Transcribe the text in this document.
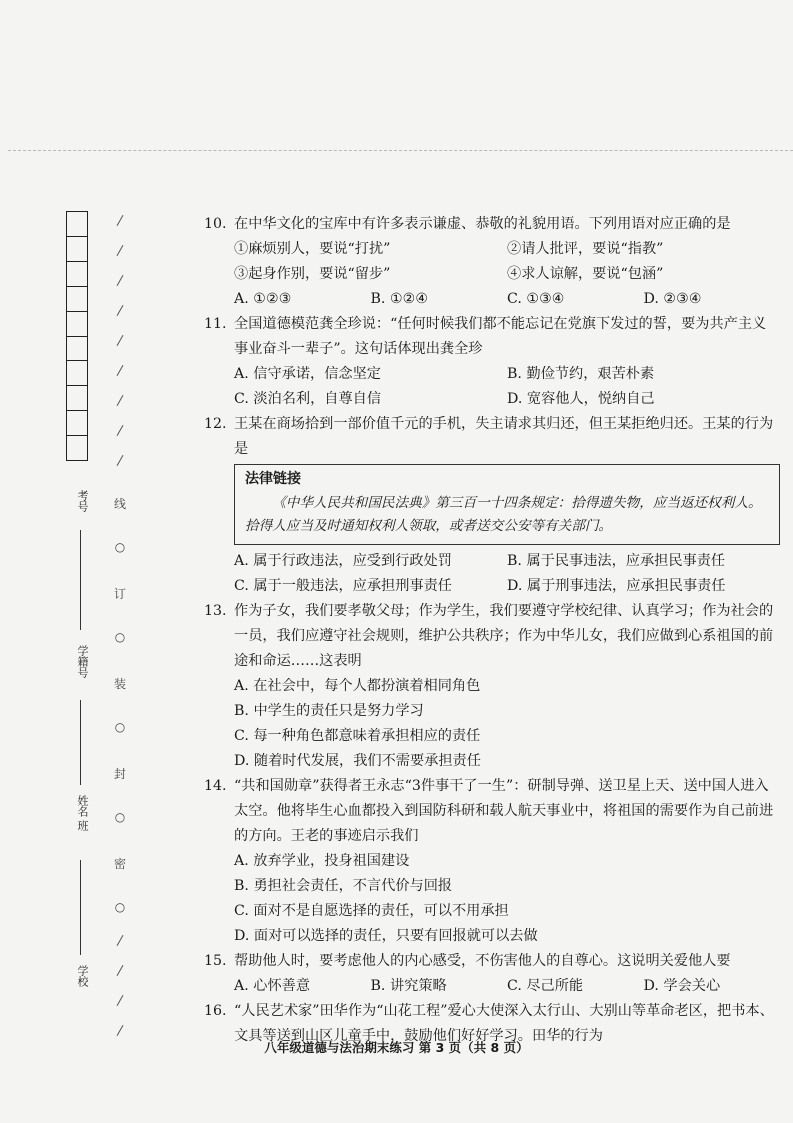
考号
学籍号
姓名
班
学校
线
○
订
○
装
○
封
○
密
○
10. 在中华文化的宝库中有许多表示谦虚、恭敬的礼貌用语。下列用语对应正确的是
①麻烦别人，要说“打扰”	②请人批评，要说“指教”
③起身作别，要说“留步”	④求人谅解，要说“包涵”
A. ①②③	B. ①②④	C. ①③④	D. ②③④
11. 全国道德模范龚全珍说：“任何时候我们都不能忘记在党旗下发过的誓，要为共产主义事业奋斗一辈子”。这句话体现出龚全珍
A. 信守承诺，信念坚定	B. 勤俭节约，艰苦朴素
C. 淡泊名利，自尊自信	D. 宽容他人，悦纳自己
12. 王某在商场拾到一部价值千元的手机，失主请求其归还，但王某拒绝归还。王某的行为是
法律链接
《中华人民共和国民法典》第三百一十四条规定：拾得遗失物，应当返还权利人。拾得人应当及时通知权利人领取，或者送交公安等有关部门。
A. 属于行政违法，应受到行政处罚	B. 属于民事违法，应承担民事责任
C. 属于一般违法，应承担刑事责任	D. 属于刑事违法，应承担民事责任
13. 作为子女，我们要孝敬父母；作为学生，我们要遵守学校纪律、认真学习；作为社会的一员，我们应遵守社会规则，维护公共秩序；作为中华儿女，我们应做到心系祖国的前途和命运……这表明
A. 在社会中，每个人都扮演着相同角色
B. 中学生的责任只是努力学习
C. 每一种角色都意味着承担相应的责任
D. 随着时代发展，我们不需要承担责任
14. “共和国勋章”获得者王永志“3件事干了一生”：研制导弹、送卫星上天、送中国人进入太空。他将毕生心血都投入到国防科研和载人航天事业中，将祖国的需要作为自己前进的方向。王老的事迹启示我们
A. 放弃学业，投身祖国建设
B. 勇担社会责任，不言代价与回报
C. 面对不是自愿选择的责任，可以不用承担
D. 面对可以选择的责任，只要有回报就可以去做
15. 帮助他人时，要考虑他人的内心感受，不伤害他人的自尊心。这说明关爱他人要
A. 心怀善意	B. 讲究策略	C. 尽己所能	D. 学会关心
16. “人民艺术家”田华作为“山花工程”爱心大使深入太行山、大别山等革命老区，把书本、文具等送到山区儿童手中，鼓励他们好好学习。田华的行为
八年级道德与法治期末练习 第 3 页（共 8 页）
